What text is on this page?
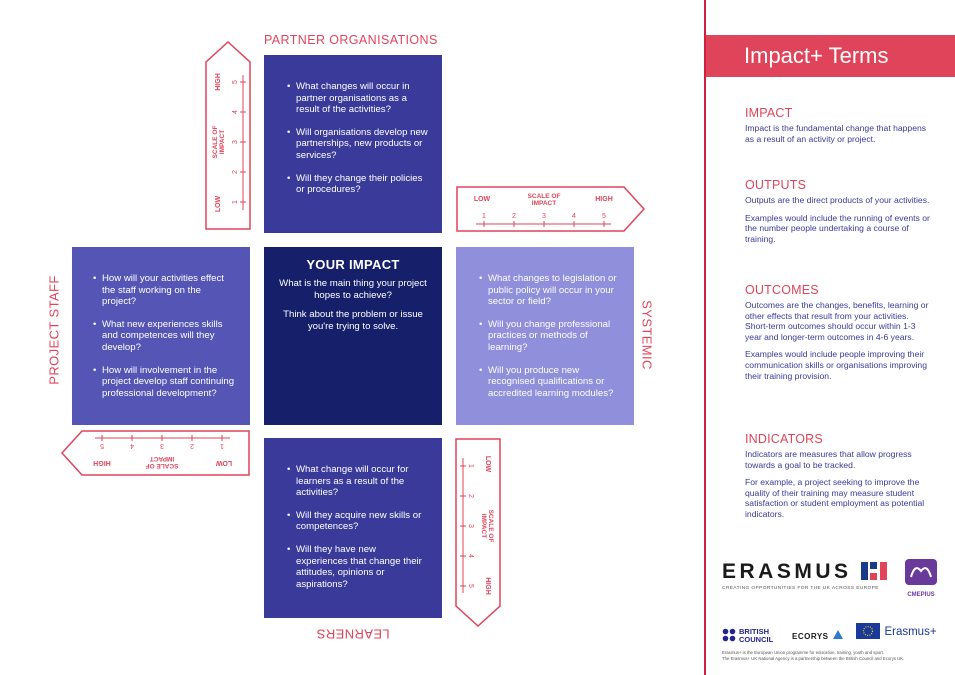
PARTNER ORGANISATIONS
PROJECT STAFF	SYSTEMIC
LEARNERS
LOW	SCALE OF
IMPACT
HIGH
1	2	3	4	5
LOW
SCALE OF IMPACT
HIGH
1
2
3
4
5
LOW
SCALE OF
IMPACT
HIGH
1
2
3
4
5
LOW
SCALE OF
IMPACT
HIGH
1
2
3
4
5
• What changes will occur in partner organisations as a result of the activities?
• Will organisations develop new partnerships, new products or services?
• Will they change their policies or procedures?
• How will your activities effect the staff working on the project?
• What new experiences skills and competences will they develop?
• How will involvement in the project develop staff continuing professional development?
YOUR IMPACT
What is the main thing your project hopes to achieve?
Think about the problem or issue you're trying to solve.
• What changes to legislation or public policy will occur in your sector or field?
• Will you change professional practices or methods of learning?
• Will you produce new recognised qualifications or accredited learning modules?
• What change will occur for learners as a result of the activities?
• Will they acquire new skills or competences?
• Will they have new experiences that change their attitudes, opinions or aspirations?
Impact+ Terms
IMPACT

Impact is the fundamental change that happens as a result of an activity or project.

OUTPUTS

Outputs are the direct products of your activities.

Examples would include the running of events or the number people undertaking a course of training.

OUTCOMES

Outcomes are the changes, benefits, learning or other effects that result from your activities. Short-term outcomes should occur within 1-3 year and longer-term outcomes in 4-6 years.

Examples would include people improving their communication skills or organisations improving their training provision.

INDICATORS

Indicators are measures that allow progress towards a goal to be tracked.

For example, a project seeking to improve the quality of their training may measure student satisfaction or student employment as potential indicators.

ERASMUS
CREATING OPPORTUNITIES FOR THE UK ACROSS EUROPE
CMEPIUS
BRITISH
COUNCIL ECORYS	Erasmus+
Erasmus+ is the European Union programme for education, training, youth and sport.
The Erasmus+ UK National Agency is a partnership between the British Council and Ecorys UK.
